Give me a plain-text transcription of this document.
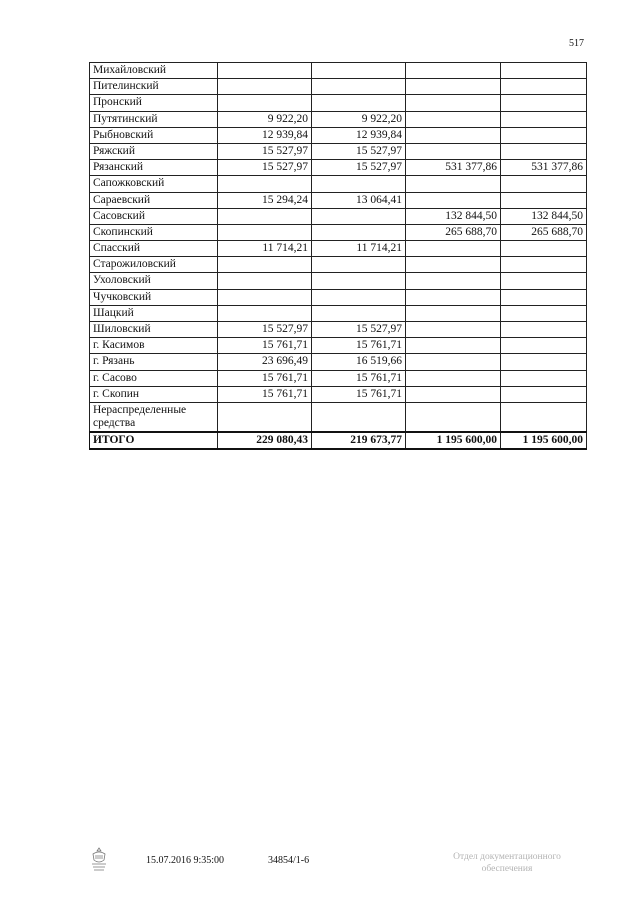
517
Михайловский				
Пителинский				
Пронский				
Путятинский	9 922,20	9 922,20		
Рыбновский	12 939,84	12 939,84		
Ряжский	15 527,97	15 527,97		
Рязанский	15 527,97	15 527,97	531 377,86	531 377,86
Сапожковский				
Сараевский	15 294,24	13 064,41		
Сасовский			132 844,50	132 844,50
Скопинский			265 688,70	265 688,70
Спасский	11 714,21	11 714,21		
Старожиловский				
Ухоловский				
Чучковский				
Шацкий				
Шиловский	15 527,97	15 527,97		
г. Касимов	15 761,71	15 761,71		
г. Рязань	23 696,49	16 519,66		
г. Сасово	15 761,71	15 761,71		
г. Скопин	15 761,71	15 761,71		
Нераспределенные средства				
ИТОГО	229 080,43	219 673,77	1 195 600,00	1 195 600,00
15.07.2016 9:35:00	34854/1-6	Отдел документационного
обеспечения
